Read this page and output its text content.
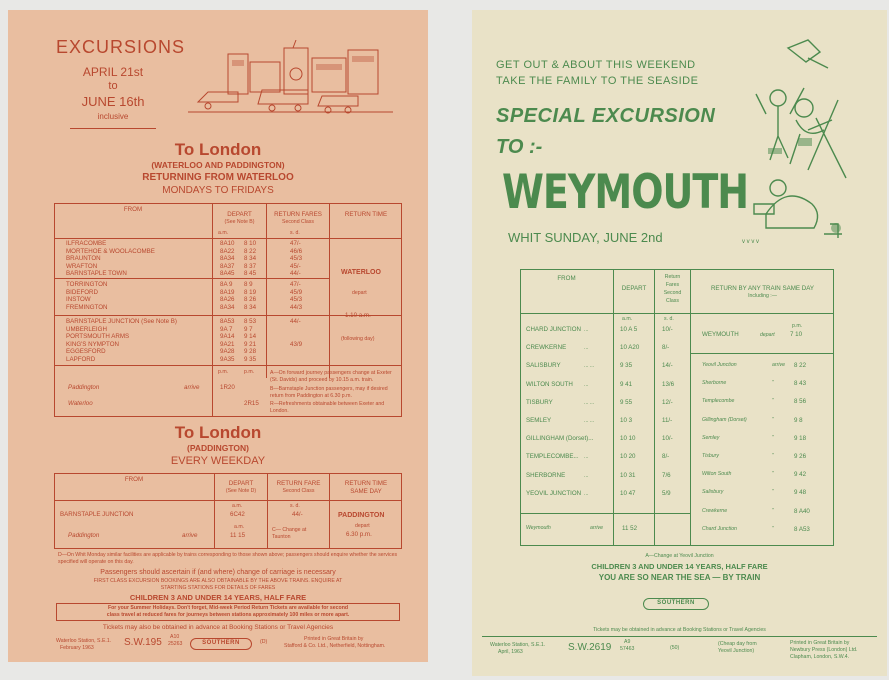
EXCURSIONS
APRIL 21st
to
JUNE 16th
inclusive
To London
(WATERLOO AND PADDINGTON)
RETURNING FROM WATERLOO
MONDAYS TO FRIDAYS
FROM
DEPART
(See Note B)
RETURN FARES
Second Class
RETURN TIME
a.m.	s. d.
ILFRACOMBE	8A10 8 10	47/-
MORTEHOE & WOOLACOMBE	8A22 8 22	46/6
BRAUNTON	8A34 8 34	45/3
WRAFTON	8A37 8 37	45/-
BARNSTAPLE TOWN	8A45 8 45	44/-
TORRINGTON	8A 9 8 9	47/-
BIDEFORD	8A19 8 19	45/9
INSTOW	8A26 8 26	45/3
FREMINGTON	8A34 8 34	44/3
BARNSTAPLE JUNCTION (See Note B)	8A53 8 53	44/-
UMBERLEIGH	9A 7 9 7
PORTSMOUTH ARMS	9A14 9 14
KING'S NYMPTON	9A21 9 21	43/9
EGGESFORD	9A28 9 28
LAPFORD	9A35 9 35
WATERLOO
depart
1.10 a.m.
(following day)
p.m.	p.m.
Paddington	arrive	1R20
Waterloo	2R15
A—On forward journey passengers change at Exeter (St. Davids) and proceed by 10.15 a.m. train.
B—Barnstaple Junction passengers, may if desired return from Paddington at 6.30 p.m.
R—Refreshments obtainable between Exeter and London.
To London
(PADDINGTON)
EVERY WEEKDAY
FROM
DEPART
(See Note D)
RETURN FARE
Second Class
RETURN TIME
SAME DAY
a.m.	s. d.
BARNSTAPLE JUNCTION	6C42	44/-	PADDINGTON
a.m.
Paddington	arrive	11 15
C— Change at Taunton
depart
6.30 p.m.
D—On Whit Monday similar facilities are applicable by trains corresponding to those shown above; passengers should enquire whether the services specified will operate on this day.
Passengers should ascertain if (and where) change of carriage is necessary
FIRST CLASS EXCURSION BOOKINGS ARE ALSO OBTAINABLE BY THE ABOVE TRAINS. ENQUIRE AT
STARTING STATIONS FOR DETAILS OF FARES
CHILDREN 3 AND UNDER 14 YEARS, HALF FARE
For your Summer Holidays. Don't forget, Mid-week Period Return Tickets are available for second
class travel at reduced fares for journeys between stations approximately 100 miles or more apart.
Tickets may also be obtained in advance at Booking Stations or Travel Agencies
Waterloo Station, S.E.1.
February 1963	S.W.195 A10
25263	SOUTHERN	(D)	Printed in Great Britain by
Stafford & Co. Ltd., Netherfield, Nottingham.
GET OUT & ABOUT THIS WEEKEND
TAKE THE FAMILY TO THE SEASIDE
SPECIAL EXCURSION
TO :-
WEYMOUTH
WHIT SUNDAY, JUNE 2nd	v v v v
FROM
DEPART
Return
Fares
Second
Class
RETURN BY ANY TRAIN SAME DAY
Including :—
a.m.	s. d.
CHARD JUNCTION ...	10 A 5	10/-
CREWKERNE	...	10 A20	8/-
SALISBURY	... ...	9 35	14/-
WILTON SOUTH ...	9 41	13/6
TISBURY	... ...	9 55	12/-
SEMLEY	... ...	10 3	11/-
GILLINGHAM (Dorset)...	10 10	10/-
TEMPLECOMBE... ...	10 20	8/-
SHERBORNE	...	10 31	7/6
YEOVIL JUNCTION ...	10 47	5/9
Yeovil Junction	arrive 8 22
Sherborne	”	8 43
Templecombe	”	8 56
Gillingham (Dorset)	”	9 8
Semley	”	9 18
Tisbury	”	9 26
Wilton South	”	9 42
Salisbury	”	9 48
Crewkerne	”	8 A40
Chard Junction	”	8 A53
p.m.
WEYMOUTH	depart 7 10
Weymouth	arrive	11 52
A—Change at Yeovil Junction
CHILDREN 3 AND UNDER 14 YEARS, HALF FARE
YOU ARE SO NEAR THE SEA — BY TRAIN
SOUTHERN
Tickets may be obtained in advance at Booking Stations or Travel Agencies
Waterloo Station, S.E.1.
April, 1963	S.W.2619 A9
57463	(50)
(Cheap day from
Yeovil Junction)
Printed in Great Britain by
Newbury Press (London) Ltd.
Clapham, London, S.W.4.
